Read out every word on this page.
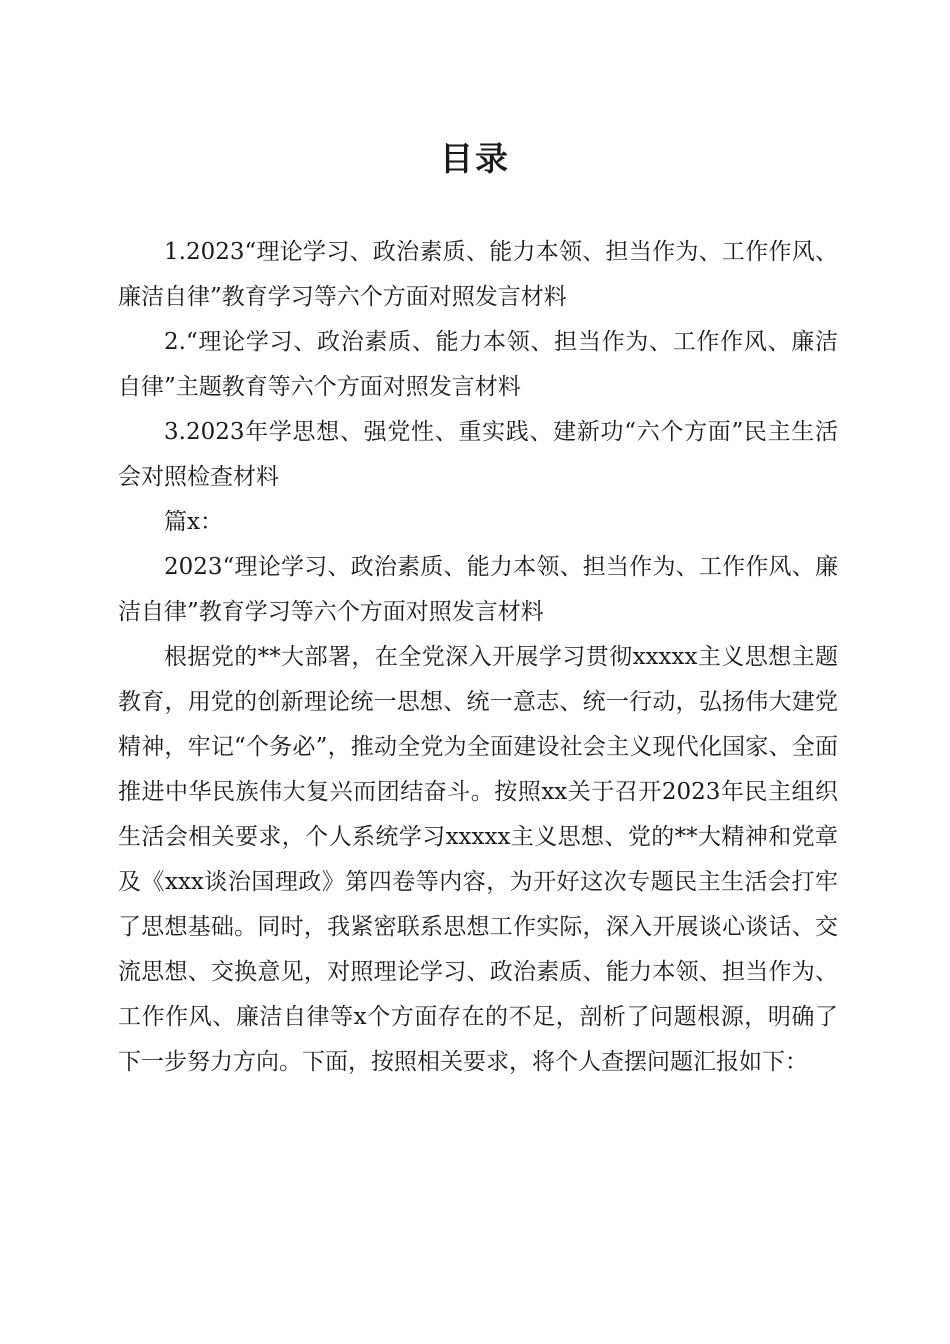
目录

1.2023“理论学习、政治素质、能力本领、担当作为、工作作风、廉洁自律”教育学习等六个方面对照发言材料

2.“理论学习、政治素质、能力本领、担当作为、工作作风、廉洁自律”主题教育等六个方面对照发言材料

3.2023年学思想、强党性、重实践、建新功“六个方面”民主生活会对照检查材料

篇x：

2023“理论学习、政治素质、能力本领、担当作为、工作作风、廉洁自律”教育学习等六个方面对照发言材料

根据党的**大部署，在全党深入开展学习贯彻xxxxx主义思想主题教育，用党的创新理论统一思想、统一意志、统一行动，弘扬伟大建党精神，牢记“个务必”，推动全党为全面建设社会主义现代化国家、全面推进中华民族伟大复兴而团结奋斗。按照xx关于召开2023年民主组织生活会相关要求，个人系统学习xxxxx主义思想、党的**大精神和党章及《xxx谈治国理政》第四卷等内容，为开好这次专题民主生活会打牢了思想基础。同时，我紧密联系思想工作实际，深入开展谈心谈话、交流思想、交换意见，对照理论学习、政治素质、能力本领、担当作为、工作作风、廉洁自律等x个方面存在的不足，剖析了问题根源，明确了下一步努力方向。下面，按照相关要求，将个人查摆问题汇报如下：
